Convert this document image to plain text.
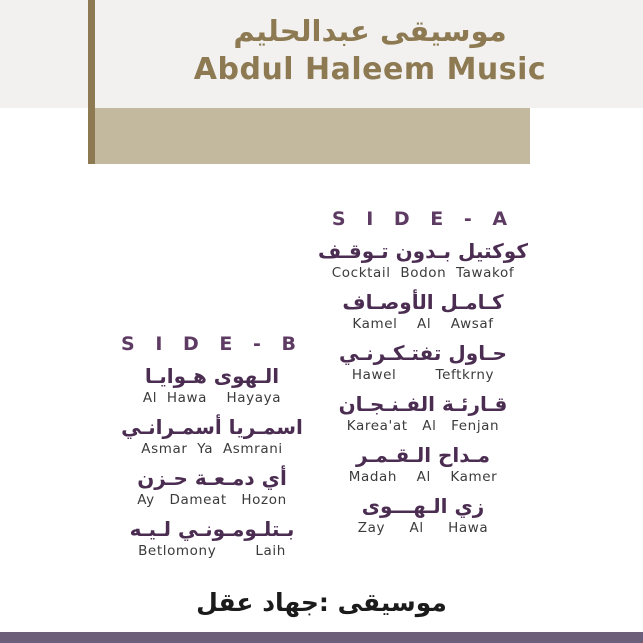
موسيقى عبدالحليم
Abdul Haleem Music
S I D E - A
كوكتيل بـدون تـوقـف
Cocktail  Bodon  Tawakof
كـامـل الأوصـاف
Kamel    Al    Awsaf
حـاول تفتـكـرنـي
Hawel        Teftkrny
قـارئـة الفـنـجـان
Karea'at   Al   Fenjan
مـداح الـقـمـر
Madah    Al    Kamer
زي الـهـــوى
Zay     Al     Hawa
S I D E - B
الـهوى هـوايـا
Al  Hawa    Hayaya
اسمـريا أسمـرانـي
Asmar  Ya  Asmrani
أي دمـعـة حـزن
Ay   Dameat   Hozon
بـتلـومـونـي لـيـه
Betlomony        Laih
موسيقى :جهاد عقل
